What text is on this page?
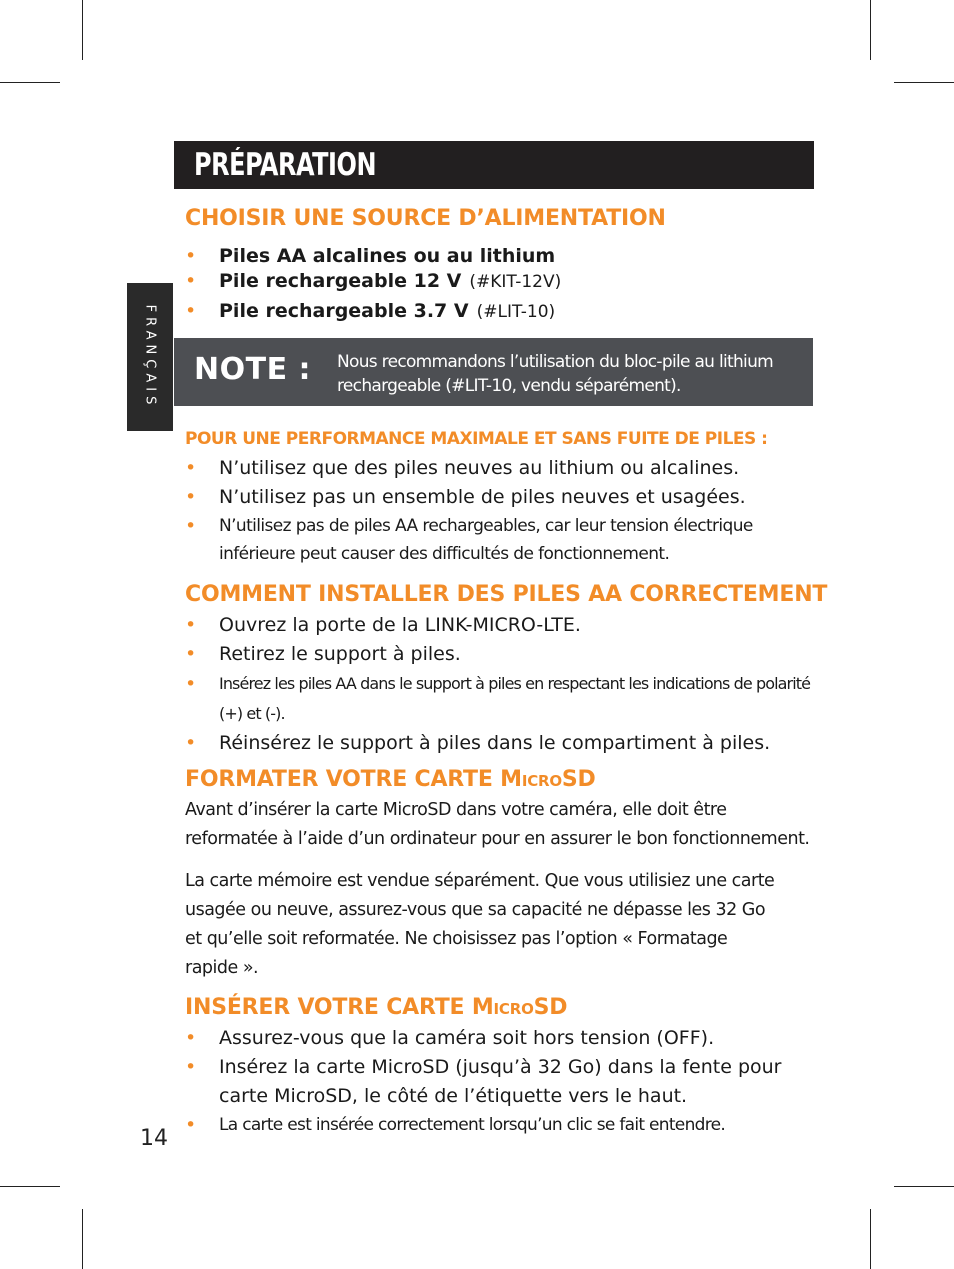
FRANÇAIS
PRÉPARATION
CHOISIR UNE SOURCE D’ALIMENTATION
• Piles AA alcalines ou au lithium
• Pile rechargeable 12 V (#KIT-12V)
• Pile rechargeable 3.7 V (#LIT-10)
NOTE : Nous recommandons l’utilisation du bloc-pile au lithium rechargeable (#LIT-10, vendu séparément).
POUR UNE PERFORMANCE MAXIMALE ET SANS FUITE DE PILES :
• N’utilisez que des piles neuves au lithium ou alcalines.
• N’utilisez pas un ensemble de piles neuves et usagées.
• N’utilisez pas de piles AA rechargeables, car leur tension électrique inférieure peut causer des difficultés de fonctionnement.
COMMENT INSTALLER DES PILES AA CORRECTEMENT
• Ouvrez la porte de la LINK-MICRO-LTE.
• Retirez le support à piles.
• Insérez les piles AA dans le support à piles en respectant les indications de polarité (+) et (-).
• Réinsérez le support à piles dans le compartiment à piles.
FORMATER VOTRE CARTE MICROSD

Avant d’insérer la carte MicroSD dans votre caméra, elle doit être reformatée à l’aide d’un ordinateur pour en assurer le bon fonctionnement.

La carte mémoire est vendue séparément. Que vous utilisiez une carte usagée ou neuve, assurez-vous que sa capacité ne dépasse les 32 Go et qu’elle soit reformatée. Ne choisissez pas l’option « Formatage rapide ».

INSÉRER VOTRE CARTE MICROSD
• Assurez-vous que la caméra soit hors tension (OFF).
• Insérez la carte MicroSD (jusqu’à 32 Go) dans la fente pour carte MicroSD, le côté de l’étiquette vers le haut.
• La carte est insérée correctement lorsqu’un clic se fait entendre.
14
